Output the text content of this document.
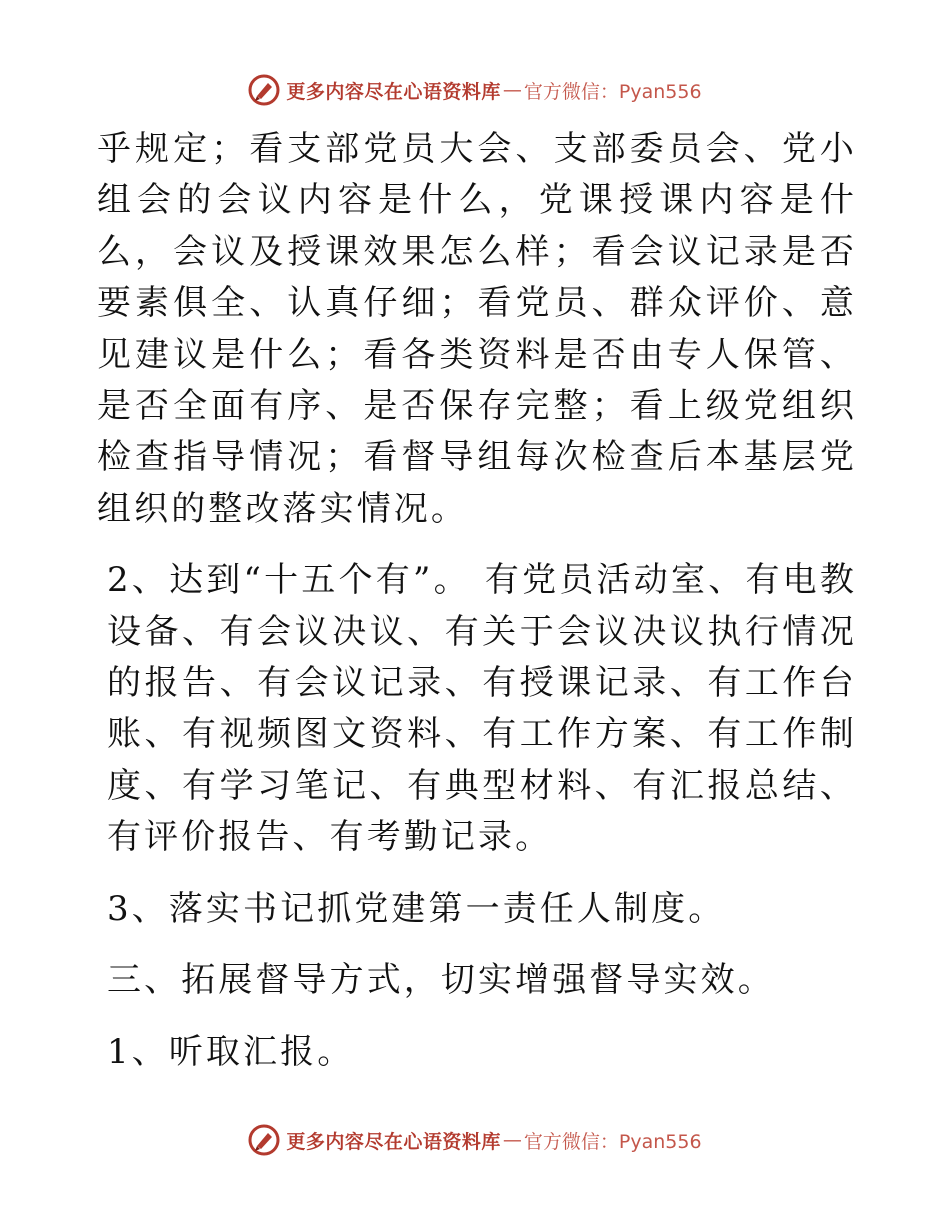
更多内容尽在心语资料库 — 官方微信：Pyan556

乎规定；看支部党员大会、支部委员会、党小组会的会议内容是什么，党课授课内容是什么，会议及授课效果怎么样；看会议记录是否要素俱全、认真仔细；看党员、群众评价、意见建议是什么；看各类资料是否由专人保管、是否全面有序、是否保存完整；看上级党组织检查指导情况；看督导组每次检查后本基层党组织的整改落实情况。

2、达到“十五个有”。 有党员活动室、有电教设备、有会议决议、有关于会议决议执行情况的报告、有会议记录、有授课记录、有工作台账、有视频图文资料、有工作方案、有工作制度、有学习笔记、有典型材料、有汇报总结、有评价报告、有考勤记录。

3、落实书记抓党建第一责任人制度。

三、拓展督导方式，切实增强督导实效。

1、听取汇报。

更多内容尽在心语资料库 — 官方微信：Pyan556
